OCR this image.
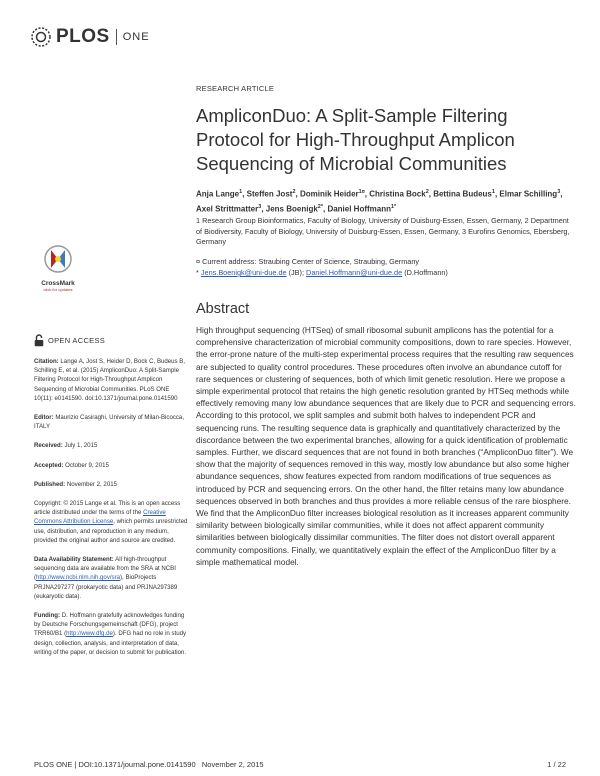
PLOS ONE
RESEARCH ARTICLE
AmpliconDuo: A Split-Sample Filtering Protocol for High-Throughput Amplicon Sequencing of Microbial Communities
Anja Lange$^1$, Steffen Jost$^2$, Dominik Heider$^{1¤}$, Christina Bock$^2$, Bettina Budeus$^1$, Elmar Schilling$^3$, Axel Strittmatter$^3$, Jens Boenigk$^{2*}$, Daniel Hoffmann$^{1*}$
1 Research Group Bioinformatics, Faculty of Biology, University of Duisburg-Essen, Essen, Germany, 2 Department of Biodiversity, Faculty of Biology, University of Duisburg-Essen, Essen, Germany, 3 Eurofins Genomics, Ebersberg, Germany
¤ Current address: Straubing Center of Science, Straubing, Germany
* Jens.Boenigk@uni-due.de (JB); Daniel.Hoffmann@uni-due.de (D.Hoffmann)
CrossMark
click for updates
Abstract
High throughput sequencing (HTSeq) of small ribosomal subunit amplicons has the potential for a comprehensive characterization of microbial community compositions, down to rare species. However, the error-prone nature of the multi-step experimental process requires that the resulting raw sequences are subjected to quality control procedures. These procedures often involve an abundance cutoff for rare sequences or clustering of sequences, both of which limit genetic resolution. Here we propose a simple experimental protocol that retains the high genetic resolution granted by HTSeq methods while effectively removing many low abundance sequences that are likely due to PCR and sequencing errors. According to this protocol, we split samples and submit both halves to independent PCR and sequencing runs. The resulting sequence data is graphically and quantitatively characterized by the discordance between the two experimental branches, allowing for a quick identification of problematic samples. Further, we discard sequences that are not found in both branches (“AmpliconDuo filter”). We show that the majority of sequences removed in this way, mostly low abundance but also some higher abundance sequences, show features expected from random modifications of true sequences as introduced by PCR and sequencing errors. On the other hand, the filter retains many low abundance sequences observed in both branches and thus provides a more reliable census of the rare biosphere. We find that the AmpliconDuo filter increases biological resolution as it increases apparent community similarity between biologically similar communities, while it does not affect apparent community similarities between biologically dissimilar communities. The filter does not distort overall apparent community compositions. Finally, we quantitatively explain the effect of the AmpliconDuo filter by a simple mathematical model.
OPEN ACCESS
Citation: Lange A, Jost S, Heider D, Bock C, Budeus B, Schilling E, et al. (2015) AmpliconDuo: A Split-Sample Filtering Protocol for High-Throughput Amplicon Sequencing of Microbial Communities. PLoS ONE 10(11): e0141590. doi:10.1371/journal.pone.0141590
Editor: Maurizio Casiraghi, University of Milan-Bicocca, ITALY
Received: July 1, 2015
Accepted: October 9, 2015
Published: November 2, 2015
Copyright: © 2015 Lange et al. This is an open access article distributed under the terms of the Creative Commons Attribution License, which permits unrestricted use, distribution, and reproduction in any medium, provided the original author and source are credited.
Data Availability Statement: All high-throughput sequencing data are available from the SRA at NCBI (http://www.ncbi.nlm.nih.gov/sra), BioProjects PRJNA297277 (prokaryotic data) and PRJNA297389 (eukaryotic data).
Funding: D. Hoffmann gratefully acknowledges funding by Deutsche Forschungsgemeinschaft (DFG), project TRR60/B1 (http://www.dfg.de). DFG had no role in study design, collection, analysis, and interpretation of data, writing of the paper, or decision to submit for publication.
PLOS ONE | DOI:10.1371/journal.pone.0141590   November 2, 2015	1 / 22
